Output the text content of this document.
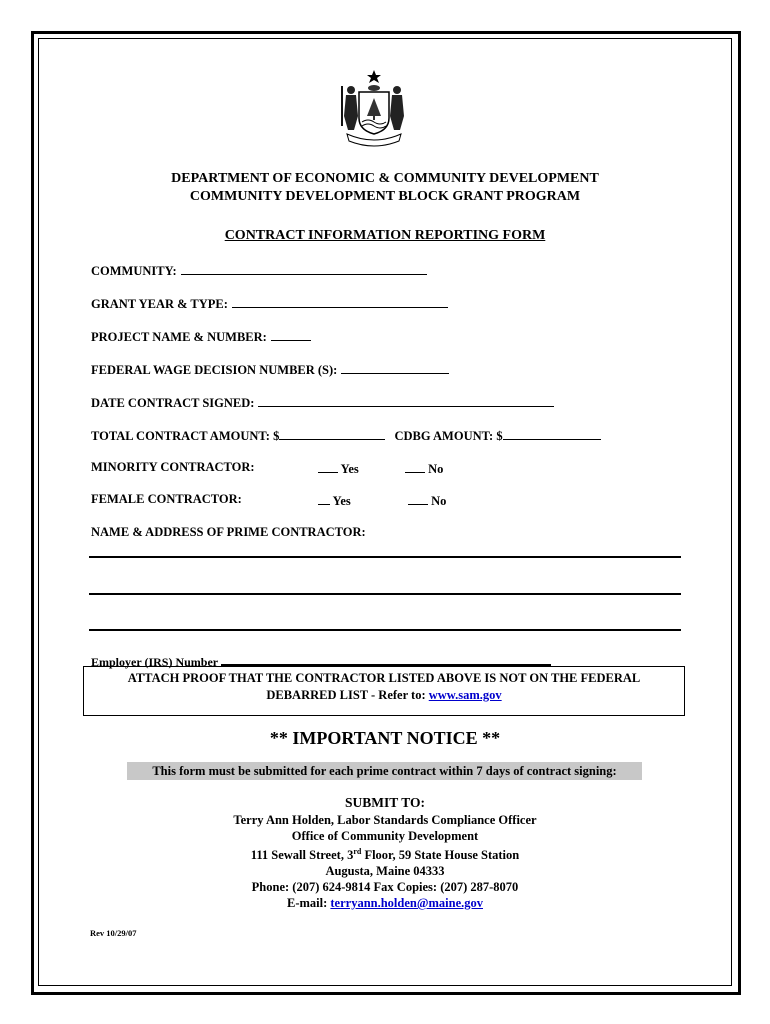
DEPARTMENT OF ECONOMIC & COMMUNITY DEVELOPMENT
COMMUNITY DEVELOPMENT BLOCK GRANT PROGRAM
CONTRACT INFORMATION REPORTING FORM
COMMUNITY:
GRANT YEAR & TYPE:
PROJECT NAME & NUMBER:
FEDERAL WAGE DECISION NUMBER (S):
DATE CONTRACT SIGNED:
TOTAL CONTRACT AMOUNT: $	CDBG AMOUNT: $
MINORITY CONTRACTOR:	Yes	No
FEMALE CONTRACTOR:	Yes	No
NAME & ADDRESS OF PRIME CONTRACTOR:
Employer (IRS) Number
ATTACH PROOF THAT THE CONTRACTOR LISTED ABOVE IS NOT ON THE FEDERAL
DEBARRED LIST - Refer to: www.sam.gov
** IMPORTANT NOTICE **
This form must be submitted for each prime contract within 7 days of contract signing:
SUBMIT TO:
Terry Ann Holden, Labor Standards Compliance Officer
Office of Community Development
111 Sewall Street, 3rd Floor, 59 State House Station
Augusta, Maine 04333
Phone: (207) 624-9814 Fax Copies: (207) 287-8070
E-mail: terryann.holden@maine.gov
Rev 10/29/07
